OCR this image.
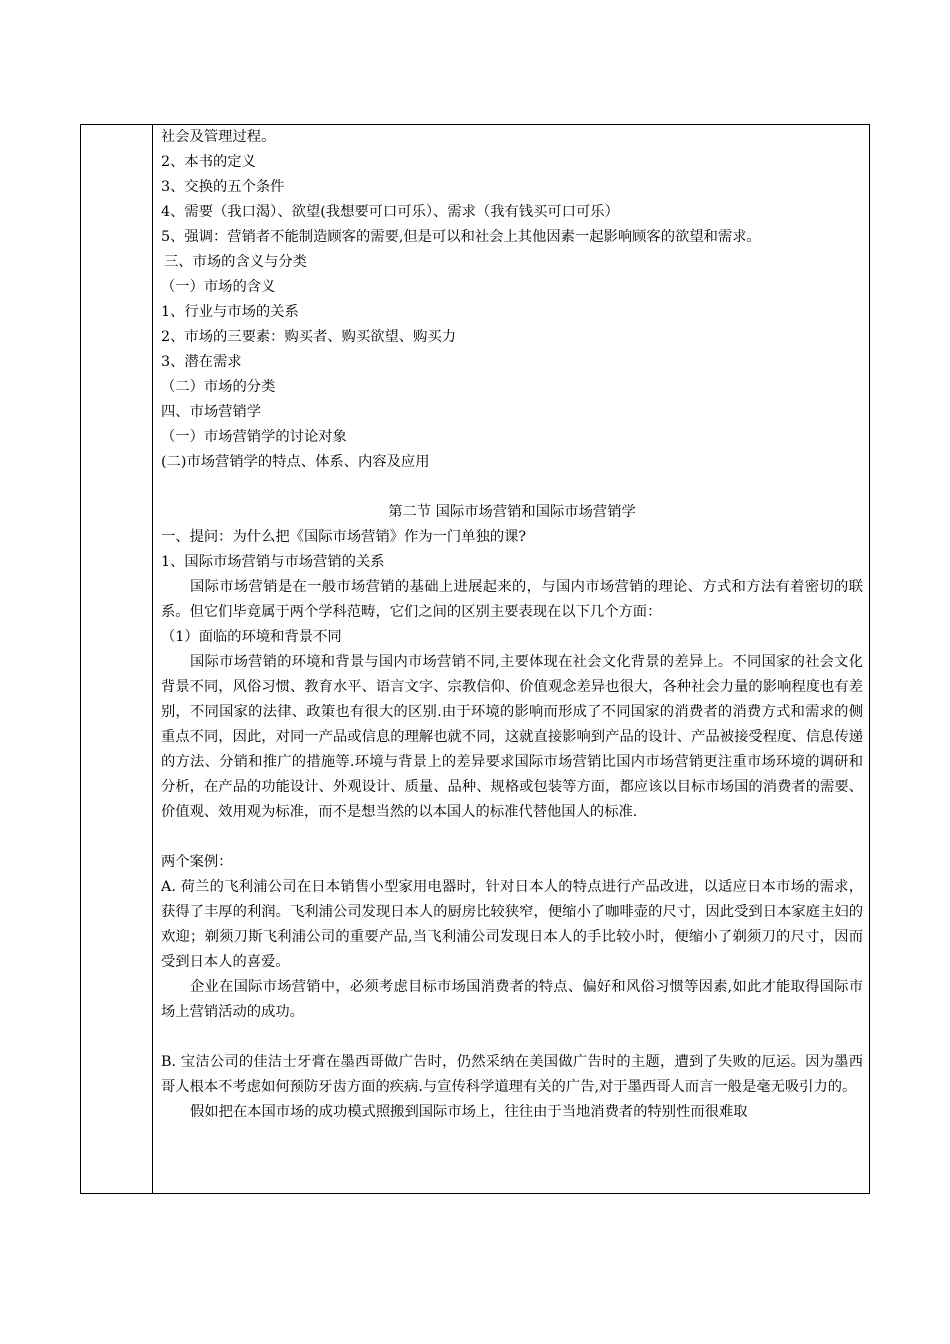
社会及管理过程。

2、本书的定义

3、交换的五个条件

4、需要（我口渴）、欲望(我想要可口可乐）、需求（我有钱买可口可乐）

5、强调：营销者不能制造顾客的需要,但是可以和社会上其他因素一起影响顾客的欲望和需求。

三、市场的含义与分类

（一）市场的含义

1、行业与市场的关系

2、市场的三要素：购买者、购买欲望、购买力

3、潜在需求

（二）市场的分类

四、市场营销学

（一）市场营销学的讨论对象

(二)市场营销学的特点、体系、内容及应用

第二节 国际市场营销和国际市场营销学

一、提问：为什么把《国际市场营销》作为一门单独的课?

1、国际市场营销与市场营销的关系

国际市场营销是在一般市场营销的基础上进展起来的，与国内市场营销的理论、方式和方法有着密切的联系。但它们毕竟属于两个学科范畴，它们之间的区别主要表现在以下几个方面：

（1）面临的环境和背景不同

国际市场营销的环境和背景与国内市场营销不同,主要体现在社会文化背景的差异上。不同国家的社会文化背景不同，风俗习惯、教育水平、语言文字、宗教信仰、价值观念差异也很大，各种社会力量的影响程度也有差别，不同国家的法律、政策也有很大的区别.由于环境的影响而形成了不同国家的消费者的消费方式和需求的侧重点不同，因此，对同一产品或信息的理解也就不同，这就直接影响到产品的设计、产品被接受程度、信息传递的方法、分销和推广的措施等.环境与背景上的差异要求国际市场营销比国内市场营销更注重市场环境的调研和分析，在产品的功能设计、外观设计、质量、品种、规格或包装等方面，都应该以目标市场国的消费者的需要、价值观、效用观为标准，而不是想当然的以本国人的标准代替他国人的标准.

两个案例：

A. 荷兰的飞利浦公司在日本销售小型家用电器时，针对日本人的特点进行产品改进，以适应日本市场的需求，获得了丰厚的利润。飞利浦公司发现日本人的厨房比较狭窄，便缩小了咖啡壶的尺寸，因此受到日本家庭主妇的欢迎；剃须刀斯飞利浦公司的重要产品,当飞利浦公司发现日本人的手比较小时，便缩小了剃须刀的尺寸，因而受到日本人的喜爱。

企业在国际市场营销中，必须考虑目标市场国消费者的特点、偏好和风俗习惯等因素,如此才能取得国际市场上营销活动的成功。

B. 宝洁公司的佳洁士牙膏在墨西哥做广告时，仍然采纳在美国做广告时的主题，遭到了失败的厄运。因为墨西哥人根本不考虑如何预防牙齿方面的疾病.与宣传科学道理有关的广告,对于墨西哥人而言一般是毫无吸引力的。

假如把在本国市场的成功模式照搬到国际市场上，往往由于当地消费者的特别性而很难取
